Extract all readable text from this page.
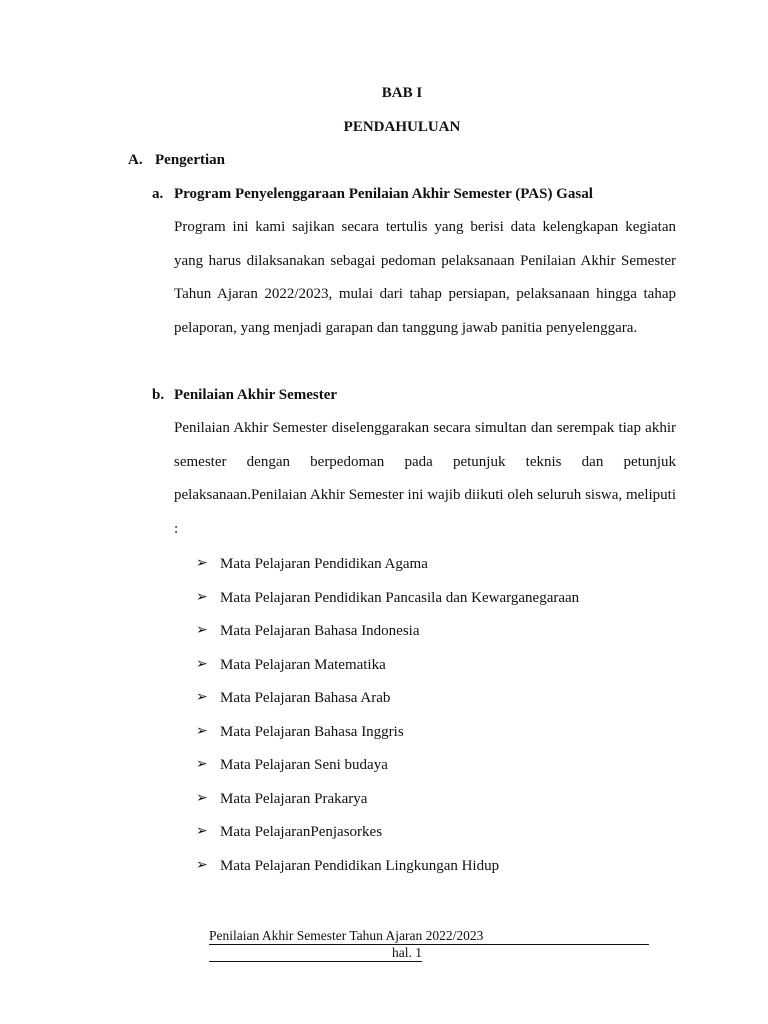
BAB I
PENDAHULUAN
A. Pengertian
a. Program Penyelenggaraan Penilaian Akhir Semester (PAS) Gasal

Program ini kami sajikan secara tertulis yang berisi data kelengkapan kegiatan yang harus dilaksanakan sebagai pedoman pelaksanaan Penilaian Akhir Semester Tahun Ajaran 2022/2023, mulai dari tahap persiapan, pelaksanaan hingga tahap pelaporan, yang menjadi garapan dan tanggung jawab panitia penyelenggara.

b. Penilaian Akhir Semester

Penilaian Akhir Semester diselenggarakan secara simultan dan serempak tiap akhir semester dengan berpedoman pada petunjuk teknis dan petunjuk pelaksanaan.Penilaian Akhir Semester ini wajib diikuti oleh seluruh siswa, meliputi :

➢ Mata Pelajaran Pendidikan Agama
➢ Mata Pelajaran Pendidikan Pancasila dan Kewarganegaraan
➢ Mata Pelajaran Bahasa Indonesia
➢ Mata Pelajaran Matematika
➢ Mata Pelajaran Bahasa Arab
➢ Mata Pelajaran Bahasa Inggris
➢ Mata Pelajaran Seni budaya
➢ Mata Pelajaran Prakarya
➢ Mata PelajaranPenjasorkes
➢ Mata Pelajaran Pendidikan Lingkungan Hidup
Penilaian Akhir Semester Tahun Ajaran 2022/2023
hal. 1
